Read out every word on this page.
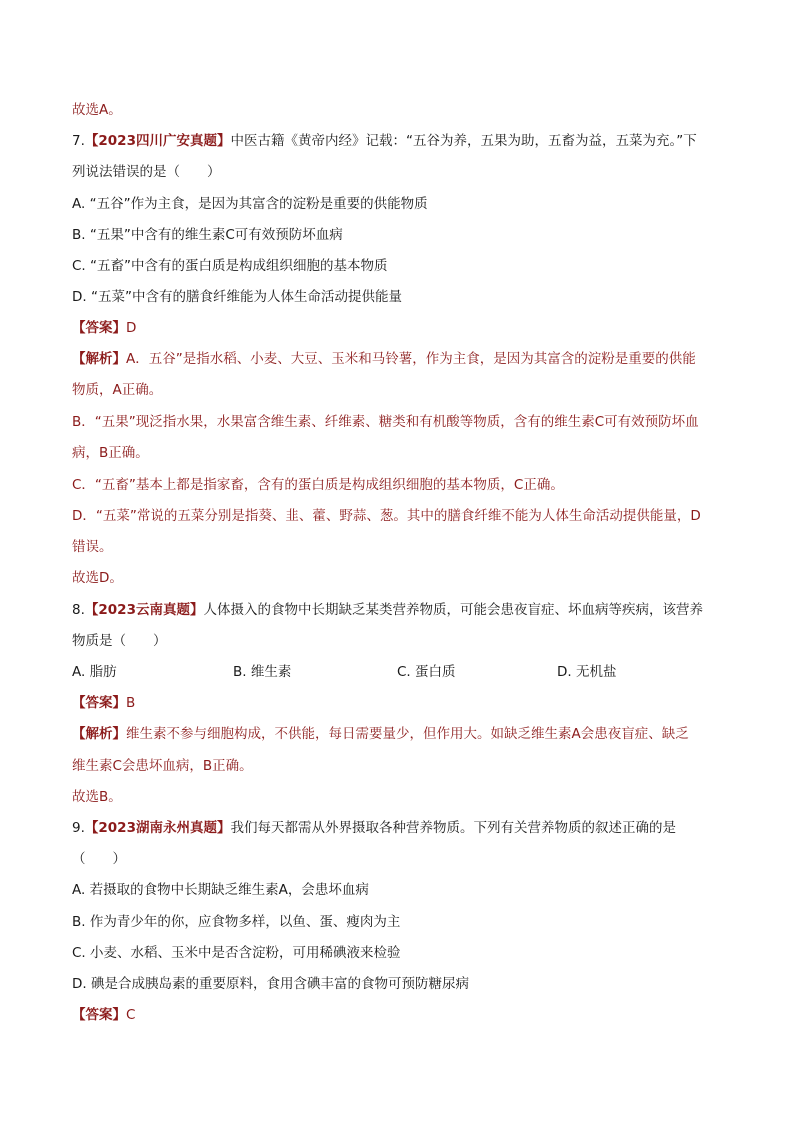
故选A。
7.【2023四川广安真题】中医古籍《黄帝内经》记载：“五谷为养，五果为助，五畜为益，五菜为充。”下
列说法错误的是（　　）
A. “五谷”作为主食，是因为其富含的淀粉是重要的供能物质
B. “五果”中含有的维生素C可有效预防坏血病
C. “五畜”中含有的蛋白质是构成组织细胞的基本物质
D. “五菜”中含有的膳食纤维能为人体生命活动提供能量
【答案】D
【解析】A．五谷”是指水稻、小麦、大豆、玉米和马铃薯，作为主食，是因为其富含的淀粉是重要的供能
物质，A正确。
B．“五果”现泛指水果，水果富含维生素、纤维素、糖类和有机酸等物质，含有的维生素C可有效预防坏血
病，B正确。
C．“五畜”基本上都是指家畜，含有的蛋白质是构成组织细胞的基本物质，C正确。
D．“五菜”常说的五菜分别是指葵、韭、藿、野蒜、葱。其中的膳食纤维不能为人体生命活动提供能量，D
错误。
故选D。
8.【2023云南真题】人体摄入的食物中长期缺乏某类营养物质，可能会患夜盲症、坏血病等疾病，该营养
物质是（　　）
A. 脂肪	B. 维生素	C. 蛋白质	D. 无机盐
【答案】B
【解析】维生素不参与细胞构成，不供能，每日需要量少，但作用大。如缺乏维生素A会患夜盲症、缺乏
维生素C会患坏血病，B正确。
故选B。
9.【2023湖南永州真题】我们每天都需从外界摄取各种营养物质。下列有关营养物质的叙述正确的是
（　　）
A. 若摄取的食物中长期缺乏维生素A，会患坏血病
B. 作为青少年的你，应食物多样，以鱼、蛋、瘦肉为主
C. 小麦、水稻、玉米中是否含淀粉，可用稀碘液来检验
D. 碘是合成胰岛素的重要原料，食用含碘丰富的食物可预防糖尿病
【答案】C
